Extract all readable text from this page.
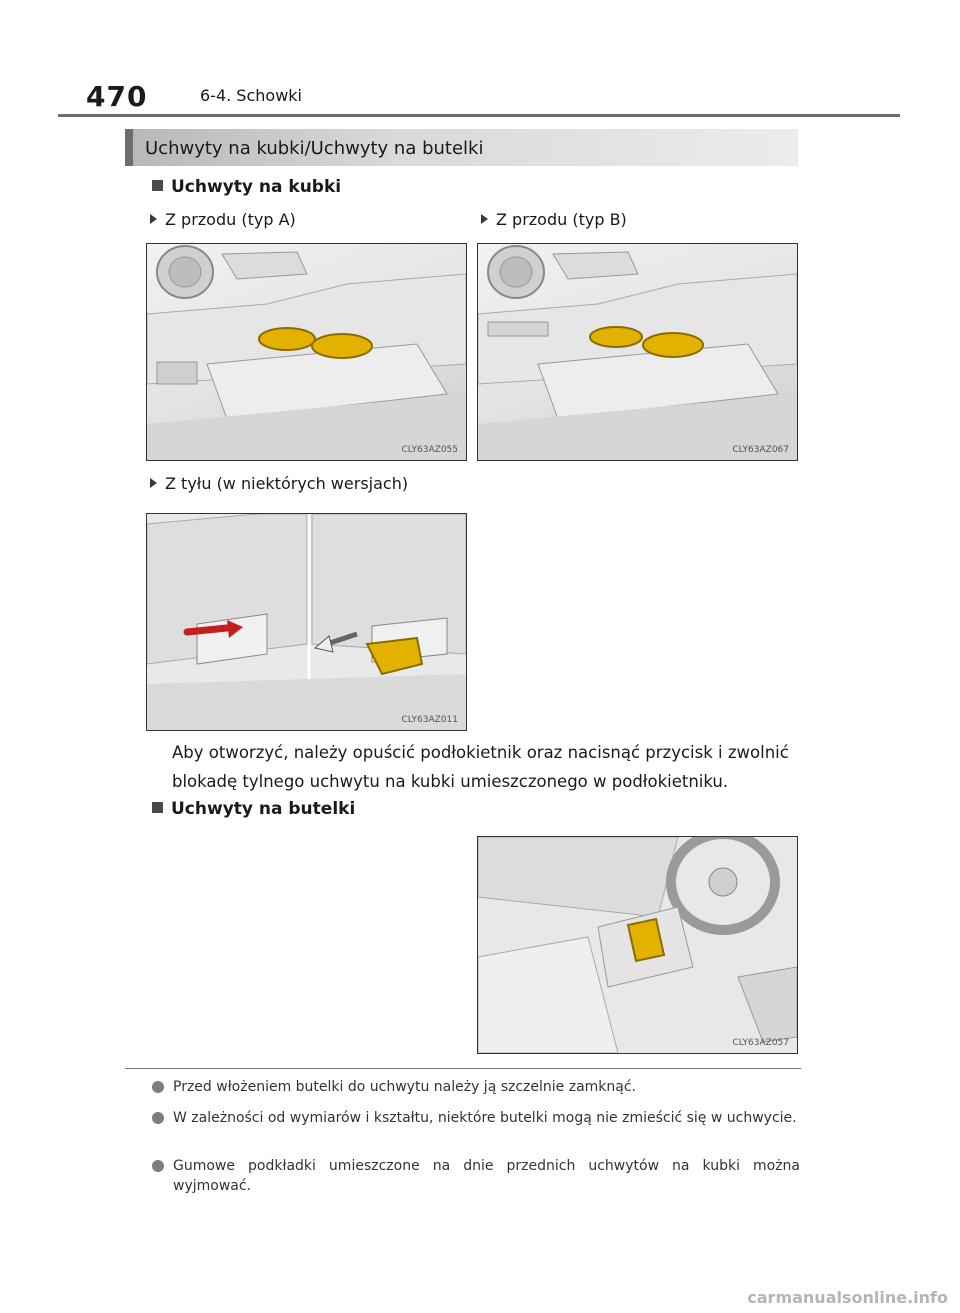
470	6-4. Schowki
Uchwyty na kubki/Uchwyty na butelki
Uchwyty na kubki
Z przodu (typ A)	Z przodu (typ B)
CLY63AZ055	CLY63AZ067
Z tyłu (w niektórych wersjach)
CLY63AZ011
Aby otworzyć, należy opuścić podłokietnik oraz nacisnąć przycisk i zwolnić blokadę tylnego uchwytu na kubki umieszczonego w podłokietniku.
Uchwyty na butelki
CLY63AZ057
Przed włożeniem butelki do uchwytu należy ją szczelnie zamknąć.
W zależności od wymiarów i kształtu, niektóre butelki mogą nie zmieścić się w uchwycie.
Gumowe podkładki umieszczone na dnie przednich uchwytów na kubki można wyjmować.
carmanualsonline.info
